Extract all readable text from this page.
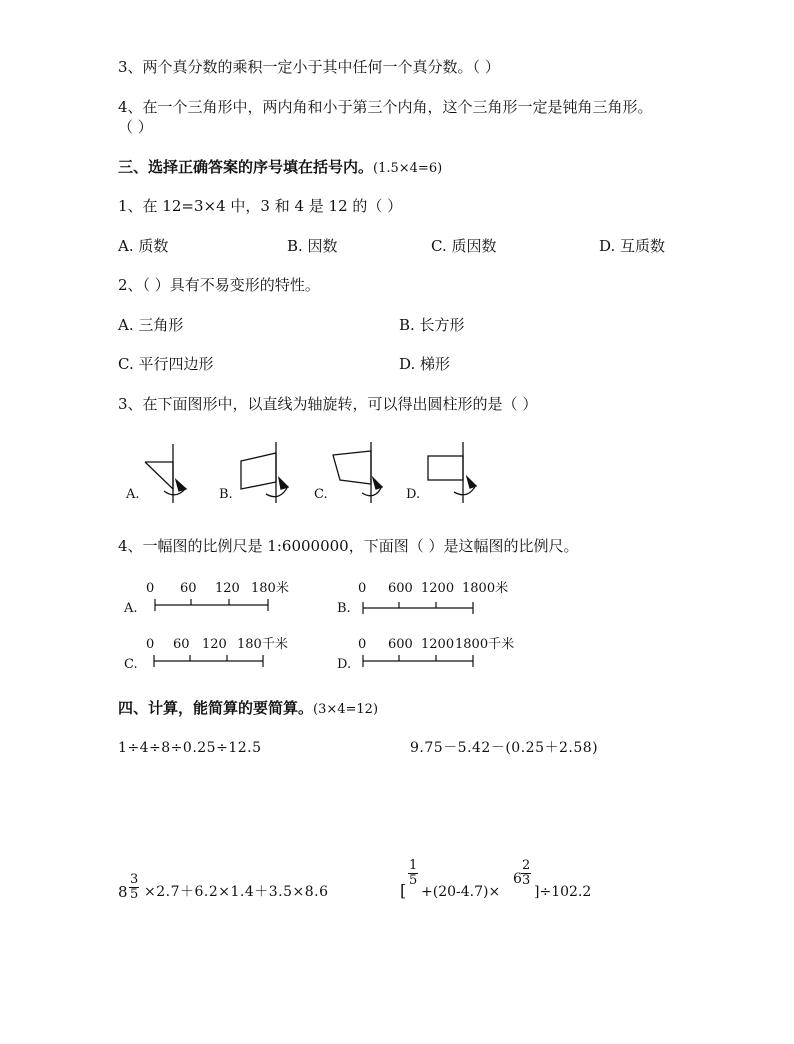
3、两个真分数的乘积一定小于其中任何一个真分数。（ ）
4、在一个三角形中，两内角和小于第三个内角，这个三角形一定是钝角三角形。
（ ）
三、选择正确答案的序号填在括号内。(1.5×4=6)
1、在 12=3×4 中，3 和 4 是 12 的（ ）
A. 质数	B. 因数	C. 质因数	D. 互质数
2、（ ）具有不易变形的特性。
A. 三角形	B. 长方形
C. 平行四边形	D. 梯形
3、在下面图形中，以直线为轴旋转，可以得出圆柱形的是（ ）
A.	B.	C.	D.
4、一幅图的比例尺是 1:6000000，下面图（ ）是这幅图的比例尺。
A.
0 60 120 180米
B.
0 600 1200 1800米
C.
0 60 120 180千米
D.
0 600 1200 1800千米
四、计算，能简算的要简算。(3×4=12)
1÷4÷8÷0.25÷12.5	9.75－5.42－(0.25＋2.58)
$8 \frac{3}{5} \times 2.7+6.2\times 1.4+3.5\times 8.6$	[
$\frac{1}{5}$
+(20-4.7)×
$6 \frac{2}{3}$
]÷102.2
